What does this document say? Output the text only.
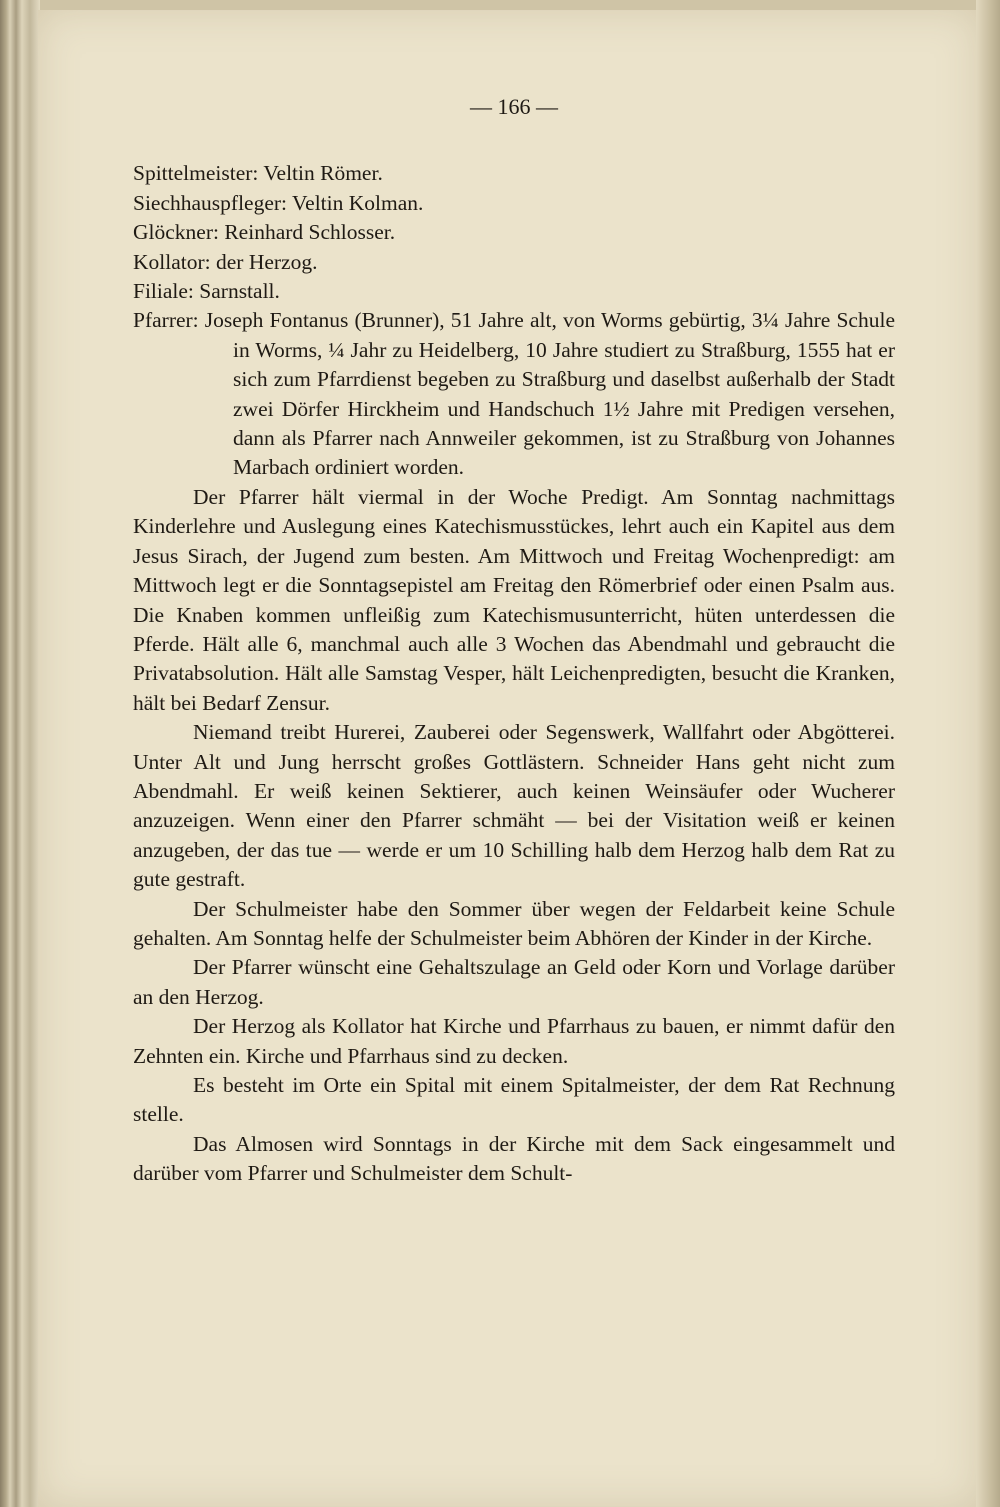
— 166 —
Spittelmeister: Veltin Römer.
Siechhauspfleger: Veltin Kolman.
Glöckner: Reinhard Schlosser.
Kollator: der Herzog.
Filiale: Sarnstall.
Pfarrer: Joseph Fontanus (Brunner), 51 Jahre alt, von Worms gebürtig, 3¼ Jahre Schule in Worms, ¼ Jahr zu Heidelberg, 10 Jahre studiert zu Straßburg, 1555 hat er sich zum Pfarrdienst begeben zu Straßburg und daselbst außerhalb der Stadt zwei Dörfer Hirckheim und Handschuch 1½ Jahre mit Predigen versehen, dann als Pfarrer nach Annweiler gekommen, ist zu Straßburg von Johannes Marbach ordiniert worden.

Der Pfarrer hält viermal in der Woche Predigt. Am Sonntag nachmittags Kinderlehre und Auslegung eines Katechismusstückes, lehrt auch ein Kapitel aus dem Jesus Sirach, der Jugend zum besten. Am Mittwoch und Freitag Wochenpredigt: am Mittwoch legt er die Sonntagsepistel am Freitag den Römerbrief oder einen Psalm aus. Die Knaben kommen unfleißig zum Katechismusunterricht, hüten unterdessen die Pferde. Hält alle 6, manchmal auch alle 3 Wochen das Abendmahl und gebraucht die Privatabsolution. Hält alle Samstag Vesper, hält Leichenpredigten, besucht die Kranken, hält bei Bedarf Zensur.

Niemand treibt Hurerei, Zauberei oder Segenswerk, Wallfahrt oder Abgötterei. Unter Alt und Jung herrscht großes Gottlästern. Schneider Hans geht nicht zum Abendmahl. Er weiß keinen Sektierer, auch keinen Weinsäufer oder Wucherer anzuzeigen. Wenn einer den Pfarrer schmäht — bei der Visitation weiß er keinen anzugeben, der das tue — werde er um 10 Schilling halb dem Herzog halb dem Rat zu gute gestraft.

Der Schulmeister habe den Sommer über wegen der Feldarbeit keine Schule gehalten. Am Sonntag helfe der Schulmeister beim Abhören der Kinder in der Kirche.

Der Pfarrer wünscht eine Gehaltszulage an Geld oder Korn und Vorlage darüber an den Herzog.

Der Herzog als Kollator hat Kirche und Pfarrhaus zu bauen, er nimmt dafür den Zehnten ein. Kirche und Pfarrhaus sind zu decken.

Es besteht im Orte ein Spital mit einem Spitalmeister, der dem Rat Rechnung stelle.

Das Almosen wird Sonntags in der Kirche mit dem Sack eingesammelt und darüber vom Pfarrer und Schulmeister dem Schult-
